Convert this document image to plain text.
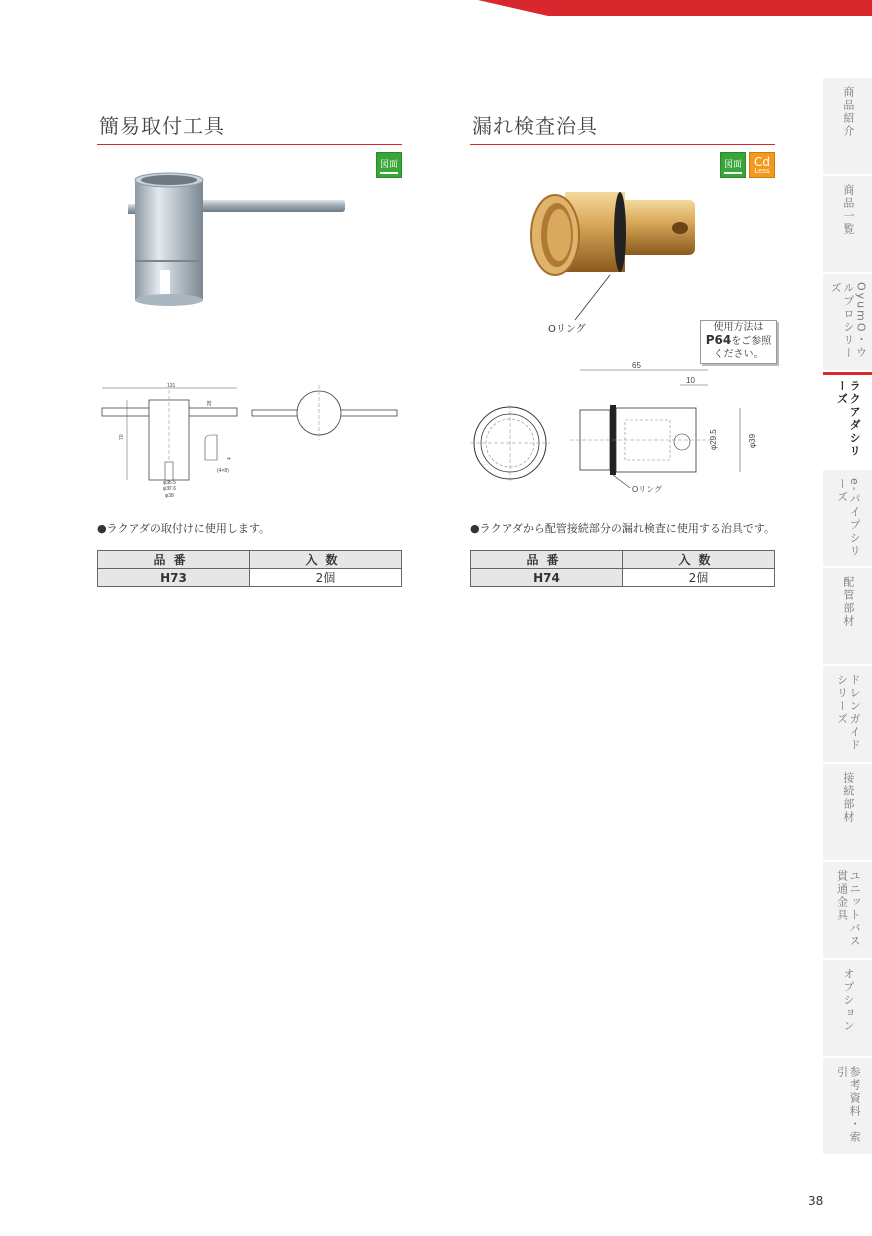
簡易取付工具
図面
131
70
28
φ35.5
φ37.6
φ38
(4×8)
4
●ラクアダの取付けに使用します。
品番	入数
H73	2個
漏れ検査治具
図面 Cd
Less
Oリング	使用方法は
P64をご参照
ください。
65
10
φ29.5	φ39
Oリング
●ラクアダから配管接続部分の漏れ検査に使用する治具です。
品番	入数
H74	2個
商品紹介
商品一覧
OyumO・ウルプロシリーズ
ラクアダシリーズ
e-パイプシリーズ
配管部材
ドレンガイドシリーズ
接続部材
ユニットバス貫通金具
オプション
参考資料・索引
38
